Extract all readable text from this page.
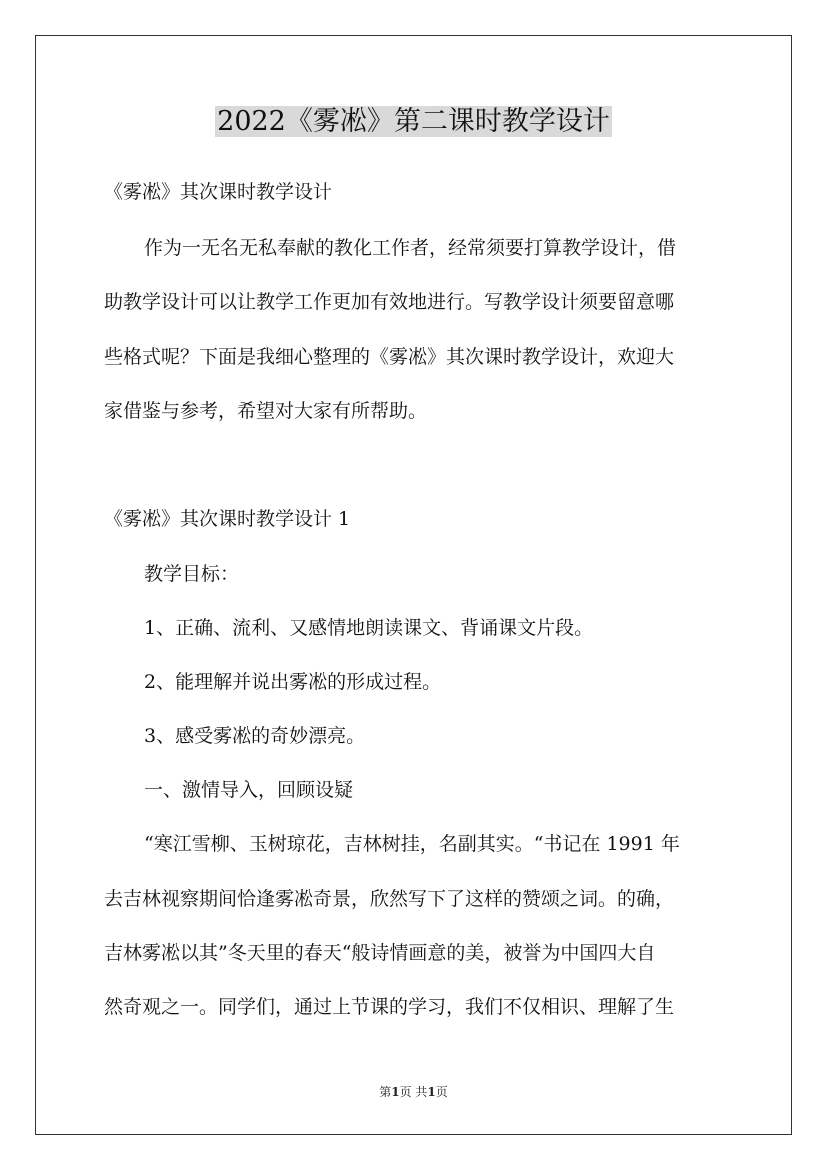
2022《雾凇》第二课时教学设计

《雾凇》其次课时教学设计

作为一无名无私奉献的教化工作者，经常须要打算教学设计，借

助教学设计可以让教学工作更加有效地进行。写教学设计须要留意哪

些格式呢？下面是我细心整理的《雾凇》其次课时教学设计，欢迎大

家借鉴与参考，希望对大家有所帮助。

《雾凇》其次课时教学设计 1

教学目标：

1、正确、流利、又感情地朗读课文、背诵课文片段。

2、能理解并说出雾凇的形成过程。

3、感受雾凇的奇妙漂亮。

一、激情导入，回顾设疑

“寒江雪柳、玉树琼花，吉林树挂，名副其实。“书记在 1991 年

去吉林视察期间恰逢雾凇奇景，欣然写下了这样的赞颂之词。的确，

吉林雾凇以其”冬天里的春天“般诗情画意的美，被誉为中国四大自

然奇观之一。同学们，通过上节课的学习，我们不仅相识、理解了生

第1页 共1页
